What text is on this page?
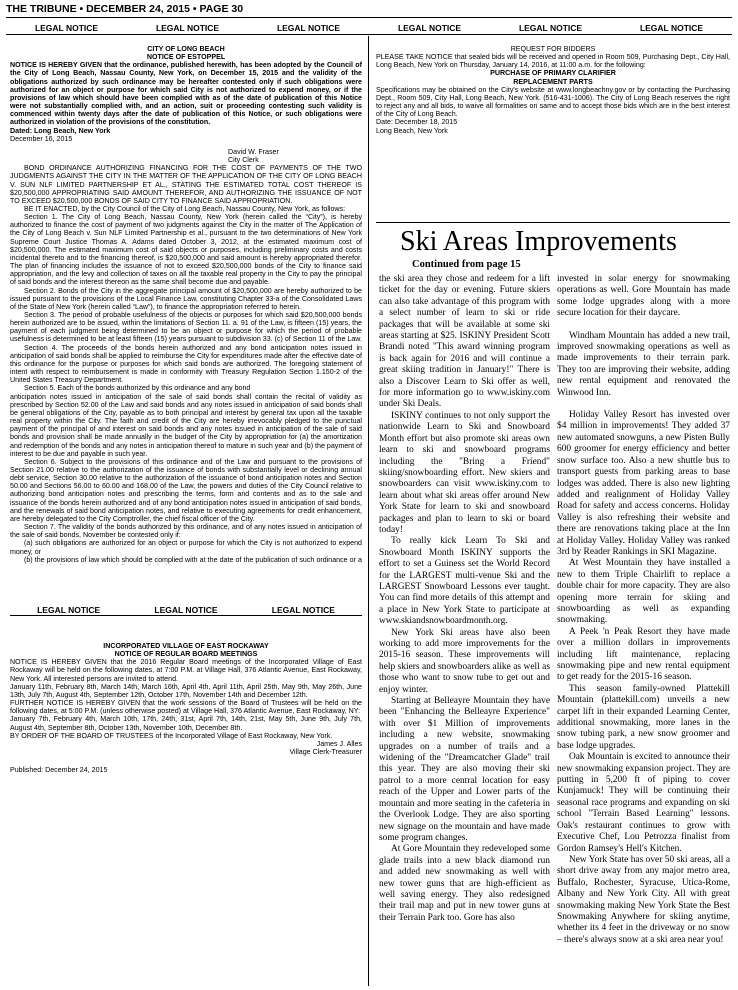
THE TRIBUNE • DECEMBER 24, 2015 • PAGE 30
LEGAL NOTICE	LEGAL NOTICE	LEGAL NOTICE	LEGAL NOTICE	LEGAL NOTICE	LEGAL NOTICE

CITY OF LONG BEACH

NOTICE OF ESTOPPEL

NOTICE IS HEREBY GIVEN that the ordinance, published herewith, has been adopted by the Council of the City of Long Beach, Nassau County, New York, on December 15, 2015 and the validity of the obligations authorized by such ordinance may be hereafter contested only if such obligations were authorized for an object or purpose for which said City is not authorized to expend money, or if the provisions of law which should have been complied with as of the date of publication of this Notice were not substantially complied with, and an action, suit or proceeding contesting such validity is commenced within twenty days after the date of publication of this Notice, or such obligations were authorized in violation of the provisions of the constitution.

Dated: Long Beach, New York

December 16, 2015

David W. Fraser

City Clerk

BOND ORDINANCE AUTHORIZING FINANCING FOR THE COST OF PAYMENTS OF THE TWO JUDGMENTS AGAINST THE CITY IN THE MATTER OF THE APPLICATION OF THE CITY OF LONG BEACH V. SUN NLF LIMITED PARTNERSHIP ET AL., STATING THE ESTIMATED TOTAL COST THEREOF IS $20,500,000 APPROPRIATING SAID AMOUNT THEREFOR, AND AUTHORIZING THE ISSUANCE OF NOT TO EXCEED $20,500,000 BONDS OF SAID CITY TO FINANCE SAID APPROPRIATION.

BE IT ENACTED, by the City Council of the City of Long Beach, Nassau County, New York, as follows:

Section 1. The City of Long Beach, Nassau County, New York (herein called the “City”), is hereby authorized to finance the cost of payment of two judgments against the City in the matter of The Application of the City of Long Beach v. Sun NLF Limited Partnership et al., pursuant to the two determinations of New York Supreme Court Justice Thomas A. Adams dated October 3, 2012, at the estimated maximum cost of $20,500,000. The estimated maximum cost of said objects or purposes, including preliminary costs and costs incidental thereto and to the financing thereof, is $20,500,000 and said amount is hereby appropriated therefor. The plan of financing includes the issuance of not to exceed $20,500,000 bonds of the City to finance said appropriation, and the levy and collection of taxes on all the taxable real property in the City to pay the principal of said bonds and the interest thereon as the same shall become due and payable.

Section 2. Bonds of the City in the aggregate principal amount of $20,500,000 are hereby authorized to be issued pursuant to the provisions of the Local Finance Law, constituting Chapter 33-a of the Consolidated Laws of the State of New York (herein called “Law”), to finance the appropriation referred to herein.

Section 3. The period of probable usefulness of the objects or purposes for which said $20,500,000 bonds herein authorized are to be issued, within the limitations of Section 11. a. 91 of the Law, is fifteen (15) years, the payment of each judgment being determined to be an object or purpose for which the period of probable usefulness is determined to be at least fifteen (15) years pursuant to subdivision 33. (c) of Section 11 of the Law.

Section 4. The proceeds of the bonds herein authorized and any bond anticipation notes issued in anticipation of said bonds shall be applied to reimburse the City for expenditures made after the effective date of this ordinance for the purpose or purposes for which said bonds are authorized. The foregoing statement of intent with respect to reimbursement is made in conformity with Treasury Regulation Section 1.150-2 of the United States Treasury Department.

Section 5. Each of the bonds authorized by this ordinance and any bond

anticipation notes issued in anticipation of the sale of said bonds shall contain the recital of validity as prescribed by Section 52.00 of the Law and said bonds and any notes issued in anticipation of said bonds shall be general obligations of the City, payable as to both principal and interest by general tax upon all the taxable real property within the City. The faith and credit of the City are hereby irrevocably pledged to the punctual payment of the principal of and interest on said bonds and any notes issued in anticipation of the sale of said bonds and provision shall be made annually in the budget of the City by appropriation for (a) the amortization and redemption of the bonds and any notes in anticipation thereof to mature in such year and (b) the payment of interest to be due and payable in such year.

Section 6. Subject to the provisions of this ordinance and of the Law and pursuant to the provisions of Section 21.00 relative to the authorization of the issuance of bonds with substantially level or declining annual debt service, Section 30.00 relative to the authorization of the issuance of bond anticipation notes and Section 50.00 and Sections 56.00 to 60.00 and 168.00 of the Law, the powers and duties of the City Council relative to authorizing bond anticipation notes and prescribing the terms, form and contents and as to the sale and issuance of the bonds herein authorized and of any bond anticipation notes issued in anticipation of said bonds, and the renewals of said bond anticipation notes, and relative to executing agreements for credit enhancement, are hereby delegated to the City Comptroller, the chief fiscal officer of the City.

Section 7. The validity of the bonds authorized by this ordinance, and of any notes issued in anticipation of the sale of said bonds, November be contested only if:

(a) such obligations are authorized for an object or purpose for which the City is not authorized to expend money, or

(b) the provisions of law which should be complied with at the date of the publication of such ordinance or a

LEGAL NOTICE	LEGAL NOTICE	LEGAL NOTICE

INCORPORATED VILLAGE OF EAST ROCKAWAY

NOTICE OF REGULAR BOARD MEETINGS

NOTICE IS HEREBY GIVEN that the 2016 Regular Board meetings of the Incorporated Village of East Rockaway will be held on the following dates, at 7:00 P.M. at Village Hall, 376 Atlantic Avenue, East Rockaway, New York. All interested persons are invited to attend.

January 11th, February 8th, March 14th, March 16th, April 4th, April 11th, April 25th, May 9th, May 26th, June 13th, July 7th, August 4th, September 12th, October 17th, November 14th and December 12th.

FURTHER NOTICE IS HEREBY GIVEN that the work sessions of the Board of Trustees will be held on the following dates, at 5:00 P.M. (unless otherwise posted) at Village Hall, 376 Atlantic Avenue, East Rockaway, NY:

January 7th, February 4th, March 10th, 17th, 24th, 31st, April 7th, 14th, 21st, May 5th, June 9th, July 7th, August 4th, September 8th, October 13th, November 10th, December 8th.

BY ORDER OF THE BOARD OF TRUSTEES of the Incorporated Village of East Rockaway, New York.

James J. Alles

Village Clerk-Treasurer

Published: December 24, 2015

REQUEST FOR BIDDERS

PLEASE TAKE NOTICE that sealed bids will be received and opened in Room 509, Purchasing Dept., City Hall, Long Beach, New York on Thursday, January 14, 2016, at 11:00 a.m. for the following:

PURCHASE OF PRIMARY CLARIFIER

REPLACEMENT PARTS

Specifications may be obtained on the City's website at www.longbeachny.gov or by contacting the Purchasing Dept., Room 509, City Hall, Long Beach, New York. (516-431-1006). The City of Long Beach reserves the right to reject any and all bids, to waive all formalities on same and to accept those bids which are in the best interest of the City of Long Beach.

Date: December 18, 2015

Long Beach, New York

Ski Areas Improvements
Continued from page 15

the ski area they chose and redeem for a lift ticket for the day or evening. Future skiers can also take advantage of this program with a select number of learn to ski or ride packages that will be available at some ski areas starting at $25. ISKINY President Scott Brandi noted "This award winning program is back again for 2016 and will continue a great skiing tradition in January!" There is also a Discover Learn to Ski offer as well, for more information go to www.iskiny.com under Ski Deals.

ISKINY continues to not only support the nationwide Learn to Ski and Snowboard Month effort but also promote ski areas own learn to ski and snowboard programs including the "Bring a Friend" skiing/snowboarding effort. New skiers and snowboarders can visit www.iskiny.com to learn about what ski areas offer around New York State for learn to ski and snowboard packages and plan to learn to ski or board today!

To really kick Learn To Ski and Snowboard Month ISKINY supports the effort to set a Guiness set the World Record for the LARGEST multi-venue Ski and the LARGEST Snowboard Lessons ever taught. You can find more details of this attempt and a place in New York State to participate at www.skiandsnowboardmonth.org.

New York Ski areas have also been working to add more improvements for the 2015-16 season. These improvements will help skiers and snowboarders alike as well as those who want to snow tube to get out and enjoy winter.

Starting at Belleayre Mountain they have been "Enhancing the Belleayre Experience" with over $1 Million of improvements including a new website, snowmaking upgrades on a number of trails and a widening of the "Dreamcatcher Glade" trail this year. They are also moving their ski patrol to a more central location for easy reach of the Upper and Lower parts of the mountain and more seating in the cafeteria in the Overlook Lodge. They are also sporting new signage on the mountain and have made some program changes.

At Gore Mountain they redeveloped some glade trails into a new black diamond run and added new snowmaking as well with new tower guns that are high-efficient as well saving energy. They also redesigned their trail map and put in new tower guns at their Terrain Park too. Gore has also

invested in solar energy for snowmaking operations as well. Gore Mountain has made some lodge upgrades along with a more secure location for their daycare.

Windham Mountain has added a new trail, improved snowmaking operations as well as made improvements to their terrain park. They too are improving their website, adding new rental equipment and renovated the Winwood Inn.

Holiday Valley Resort has invested over $4 million in improvements! They added 37 new automated snowguns, a new Pisten Bully 600 groomer for energy efficiency and better snow surface too. Also a new shuttle bus to transport guests from parking areas to base lodges was added. There is also new lighting added and realignment of Holiday Valley Road for safety and access concerns. Holiday Valley is also refreshing their website and there are renovations taking place at the Inn at Holiday Valley. Holiday Valley was ranked 3rd by Reader Rankings in SKI Magazine.

At West Mountain they have installed a new to them Triple Chairlift to replace a double chair for more capacity. They are also opening more terrain for skiing and snowboarding as well as expanding snowmaking.

A Peek 'n Peak Resort they have made over a million dollars in improvements including lift maintenance, replacing snowmaking pipe and new rental equipment to get ready for the 2015-16 season.

This season family-owned Plattekill Mountain (plattekill.com) unveils a new carpet lift in their expanded Learning Center, additional snowmaking, more lanes in the snow tubing park, a new snow groomer and base lodge upgrades.

Oak Mountain is excited to announce their new snowmaking expansion project. They are putting in 5,200 ft of piping to cover Kunjamuck! They will be continuing their seasonal race programs and expanding on ski school "Terrain Based Learning" lessons. Oak's restaurant continues to grow with Executive Chef, Lou Petrozza finalist from Gordon Ramsey's Hell's Kitchen.

New York State has over 50 ski areas, all a short drive away from any major metro area, Buffalo, Rochester, Syracuse, Utica-Rome, Albany and New York City. All with great snowmaking making New York State the Best Snowmaking Anywhere for skiing anytime, whether its 4 feet in the driveway or no snow – there's always snow at a ski area near you!
